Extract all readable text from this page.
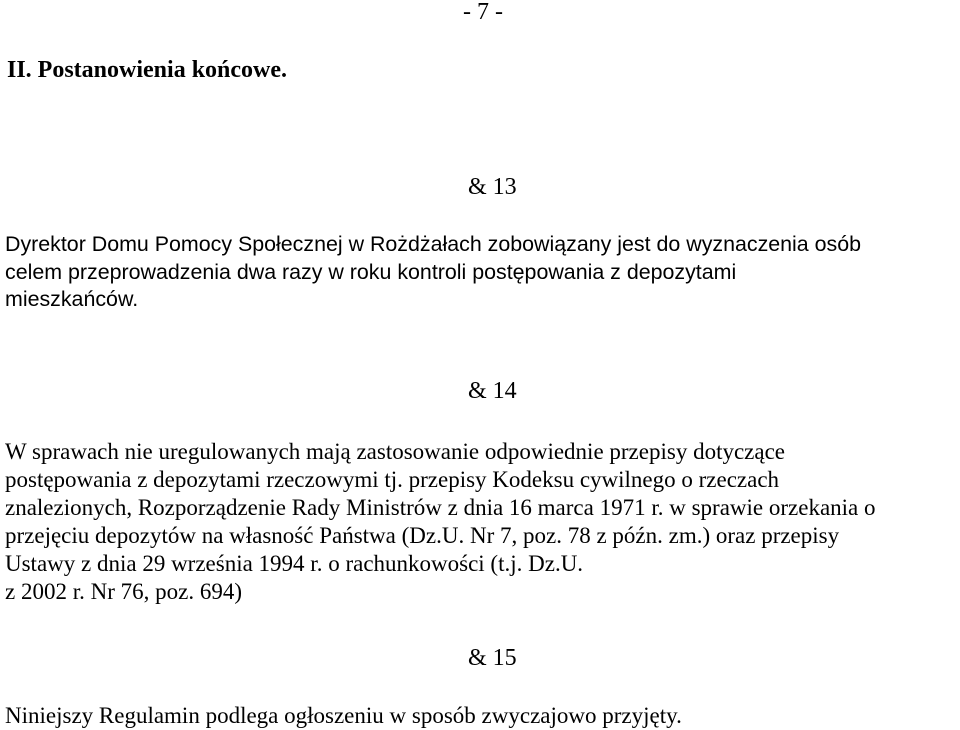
- 7 -
II. Postanowienia końcowe.
& 13
Dyrektor Domu Pomocy Społecznej w Rożdżałach zobowiązany jest do wyznaczenia osób
celem przeprowadzenia dwa razy w roku kontroli postępowania z depozytami
mieszkańców.
& 14
W sprawach nie uregulowanych mają zastosowanie odpowiednie przepisy dotyczące
postępowania z depozytami rzeczowymi tj. przepisy Kodeksu cywilnego o rzeczach
znalezionych, Rozporządzenie Rady Ministrów z dnia 16 marca 1971 r. w sprawie orzekania o
przejęciu depozytów na własność Państwa (Dz.U. Nr 7, poz. 78 z późn. zm.) oraz przepisy
Ustawy z dnia 29 września 1994 r. o rachunkowości (t.j. Dz.U.
z 2002 r. Nr 76, poz. 694)
& 15
Niniejszy Regulamin podlega ogłoszeniu w sposób zwyczajowo przyjęty.
